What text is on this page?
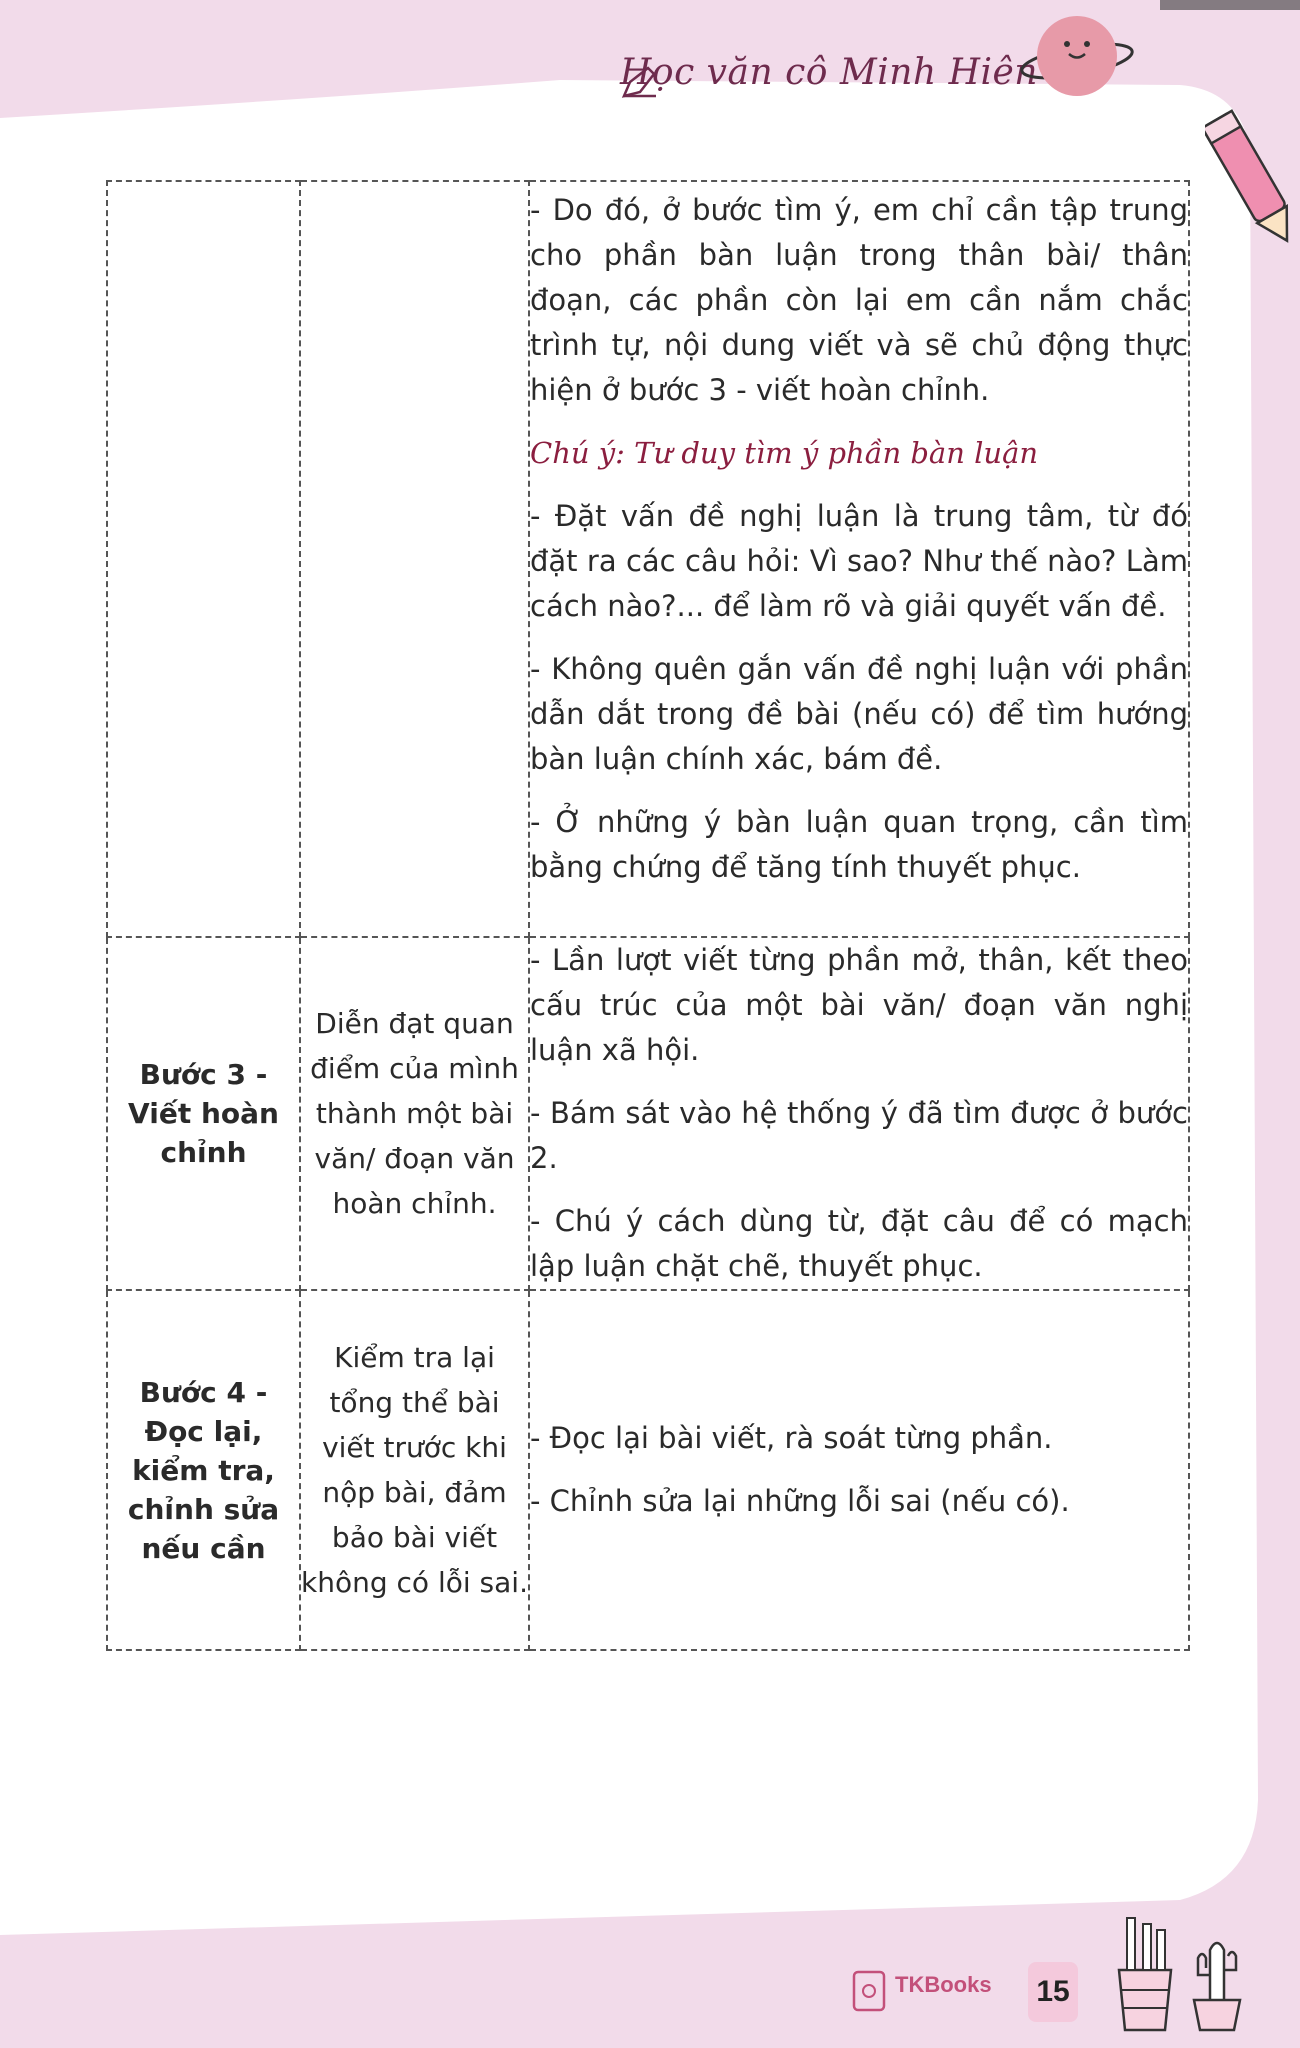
Học văn cô Minh Hiên

		- Do đó, ở bước tìm ý, em chỉ cần tập trung cho phần bàn luận trong thân bài/ thân đoạn, các phần còn lại em cần nắm chắc trình tự, nội dung viết và sẽ chủ động thực hiện ở bước 3 - viết hoàn chỉnh.

Chú ý: Tư duy tìm ý phần bàn luận

- Đặt vấn đề nghị luận là trung tâm, từ đó đặt ra các câu hỏi: Vì sao? Như thế nào? Làm cách nào?... để làm rõ và giải quyết vấn đề.

- Không quên gắn vấn đề nghị luận với phần dẫn dắt trong đề bài (nếu có) để tìm hướng bàn luận chính xác, bám đề.

- Ở những ý bàn luận quan trọng, cần tìm bằng chứng để tăng tính thuyết phục.

Bước 3 - Viết hoàn chỉnh	Diễn đạt quan điểm của mình thành một bài văn/ đoạn văn hoàn chỉnh.	- Lần lượt viết từng phần mở, thân, kết theo cấu trúc của một bài văn/ đoạn văn nghị luận xã hội.

- Bám sát vào hệ thống ý đã tìm được ở bước 2.

- Chú ý cách dùng từ, đặt câu để có mạch lập luận chặt chẽ, thuyết phục.

Bước 4 - Đọc lại, kiểm tra, chỉnh sửa nếu cần	Kiểm tra lại tổng thể bài viết trước khi nộp bài, đảm bảo bài viết không có lỗi sai.	- Đọc lại bài viết, rà soát từng phần.

- Chỉnh sửa lại những lỗi sai (nếu có).

TKBooks 15
